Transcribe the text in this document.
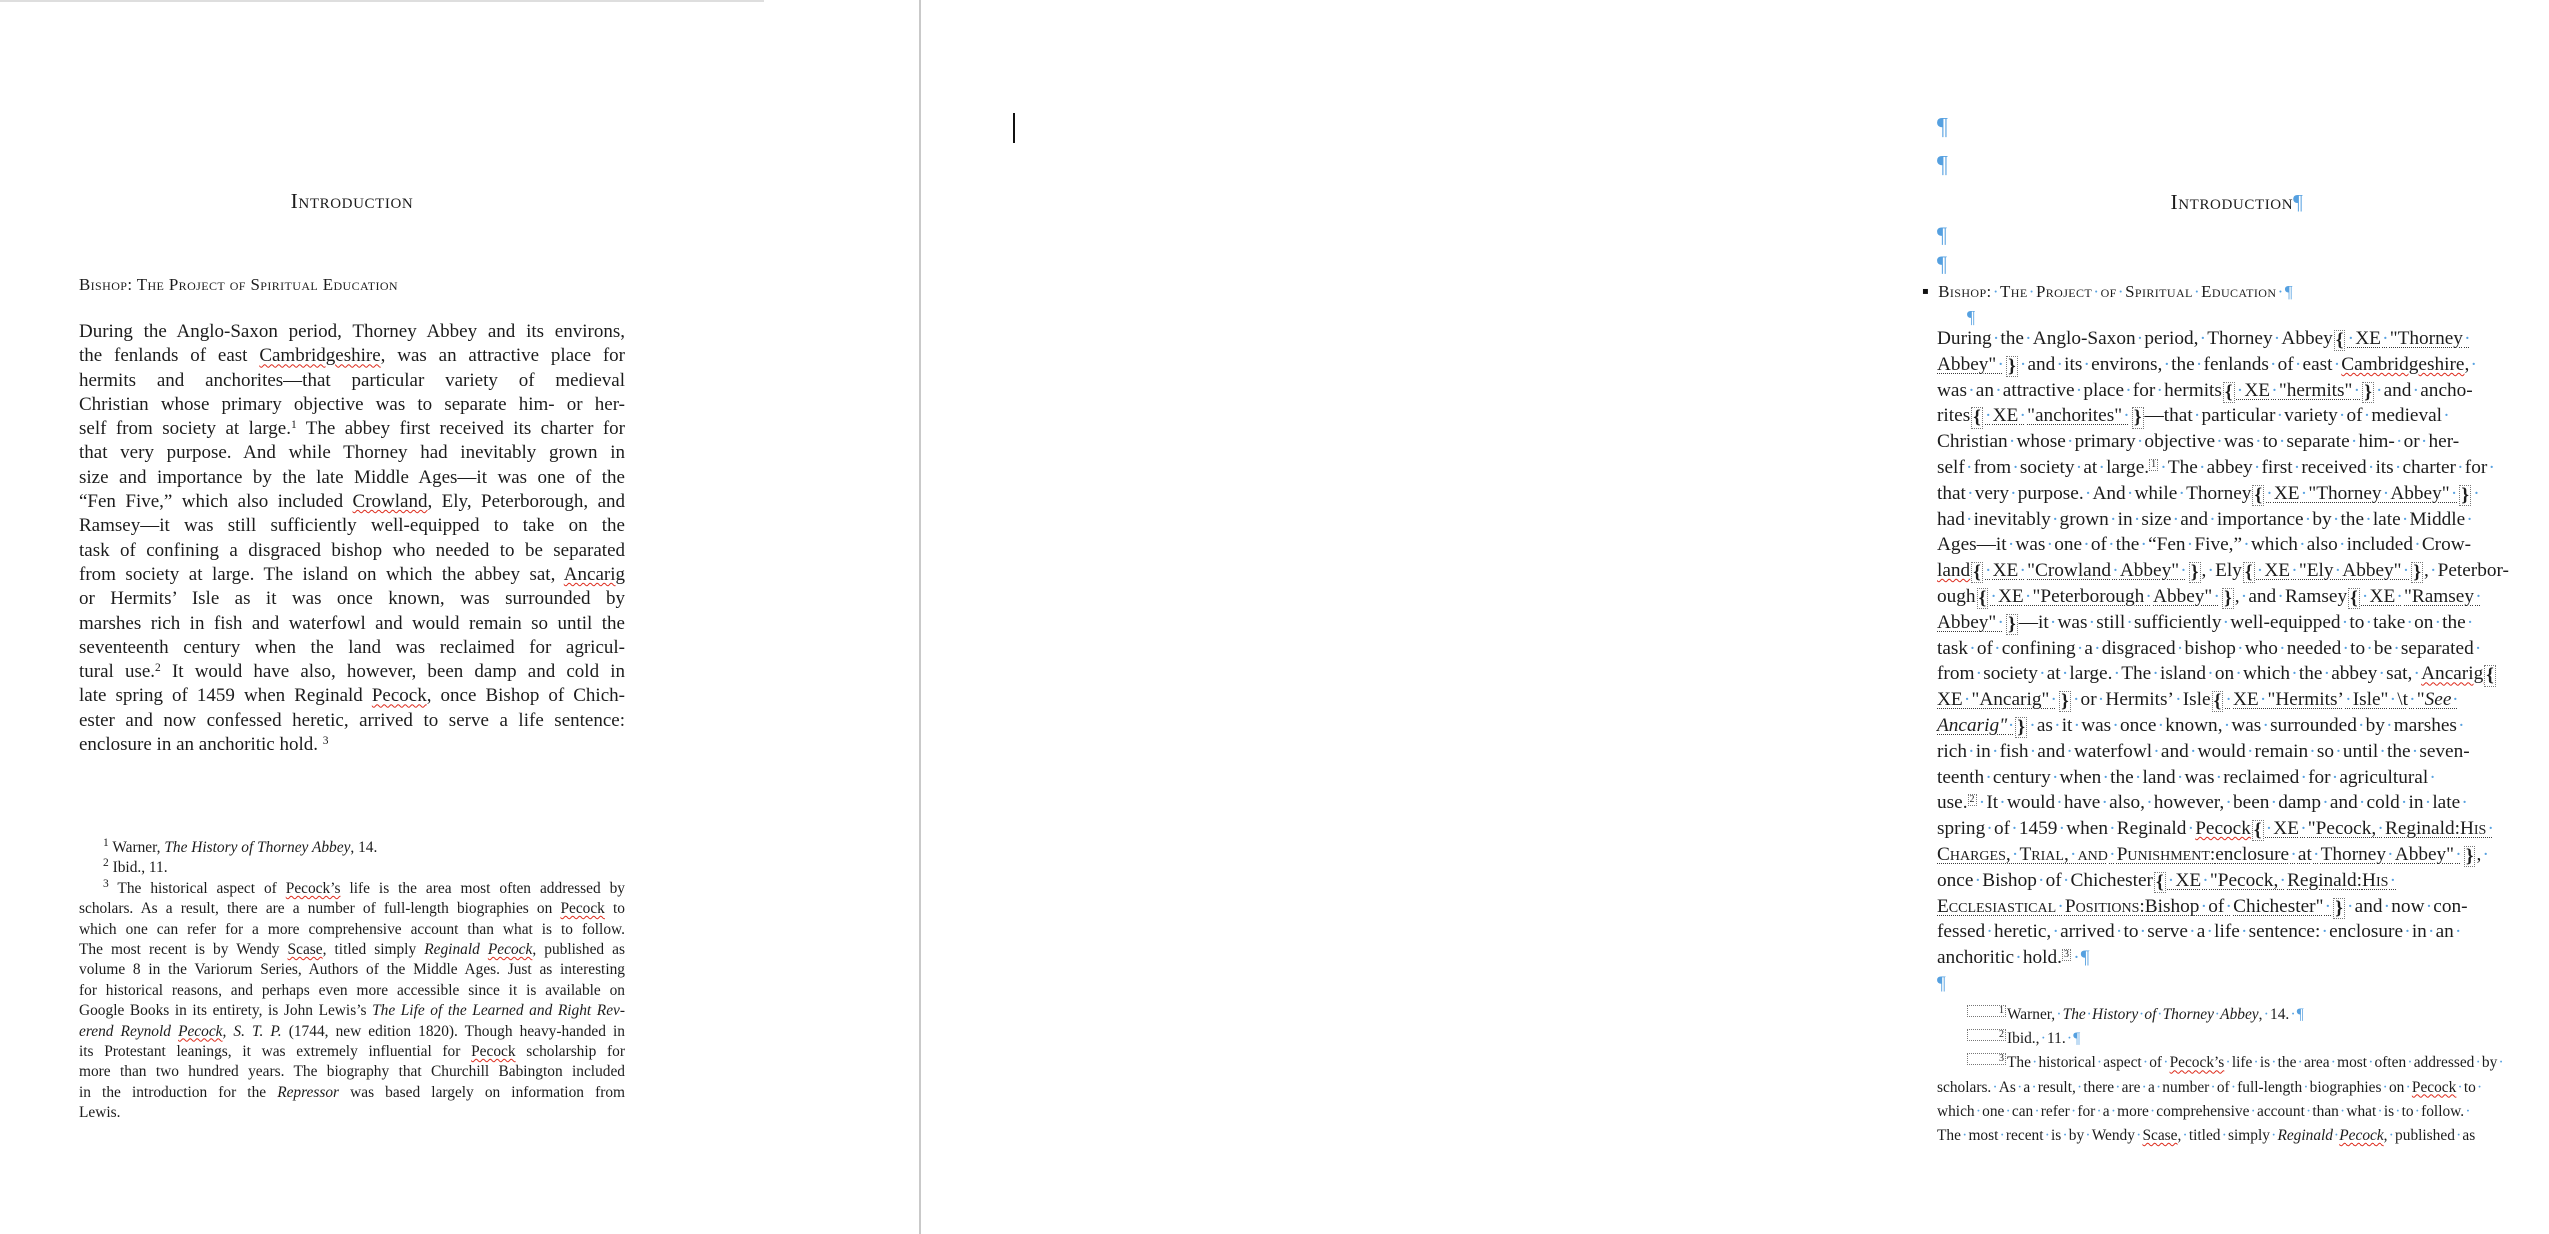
Introduction
Bishop: The Project of Spiritual Education
During the Anglo-Saxon period, Thorney Abbey and its environs,
the fenlands of east Cambridgeshire, was an attractive place for
hermits and anchorites—that particular variety of medieval
Christian whose primary objective was to separate him- or her-
self from society at large.$^1$ The abbey first received its charter for
that very purpose. And while Thorney had inevitably grown in
size and importance by the late Middle Ages—it was one of the
“Fen Five,” which also included Crowland, Ely, Peterborough, and
Ramsey—it was still sufficiently well-equipped to take on the
task of confining a disgraced bishop who needed to be separated
from society at large. The island on which the abbey sat, Ancarig
or Hermits’ Isle as it was once known, was surrounded by
marshes rich in fish and waterfowl and would remain so until the
seventeenth century when the land was reclaimed for agricul-
tural use.$^2$ It would have also, however, been damp and cold in
late spring of 1459 when Reginald Pecock, once Bishop of Chich-
ester and now confessed heretic, arrived to serve a life sentence:
enclosure in an anchoritic hold. $^3$
$^1$ Warner, The History of Thorney Abbey, 14.
$^2$ Ibid., 11.
$^3$ The historical aspect of Pecock’s life is the area most often addressed by
scholars. As a result, there are a number of full-length biographies on Pecock to
which one can refer for a more comprehensive account than what is to follow.
The most recent is by Wendy Scase, titled simply Reginald Pecock, published as
volume 8 in the Variorum Series, Authors of the Middle Ages. Just as interesting
for historical reasons, and perhaps even more accessible since it is available on
Google Books in its entirety, is John Lewis’s The Life of the Learned and Right Rev-
erend Reynold Pecock, S. T. P. (1744, new edition 1820). Though heavy-handed in
its Protestant leanings, it was extremely influential for Pecock scholarship for
more than two hundred years. The biography that Churchill Babington included
in the introduction for the Repressor was based largely on information from
Lewis.
¶
¶
Introduction¶
¶
¶
▪ Bishop:·The·Project·of·Spiritual·Education·¶
¶
During·the·Anglo-Saxon·period,·Thorney·Abbey { ·XE·"Thorney·
Abbey"· } ·and·its·environs,·the·fenlands·of·east·Cambridgeshire,·
was·an·attractive·place·for·hermits { ·XE·"hermits"· } ·and·ancho-
rites { ·XE·"anchorites"· } —that·particular·variety·of·medieval·
Christian·whose·primary·objective·was·to·separate·him-·or·her-
self·from·society·at·large. 1 ·The·abbey·first·received·its·charter·for·
that·very·purpose.·And·while·Thorney { ·XE·"Thorney·Abbey"· } ·
had·inevitably·grown·in·size·and·importance·by·the·late·Middle·
Ages—it·was·one·of·the·“Fen·Five,”·which·also·included·Crow-
land { ·XE·"Crowland·Abbey"· } ,·Ely { ·XE·"Ely·Abbey"· } ,·Peterbor-
ough { ·XE·"Peterborough·Abbey"· } ,·and·Ramsey { ·XE·"Ramsey·
Abbey"· } —it·was·still·sufficiently·well-equipped·to·take·on·the·
task·of·confining·a·disgraced·bishop·who·needed·to·be·separated·
from·society·at·large.·The·island·on·which·the·abbey·sat,·Ancarig {
XE·"Ancarig"· } ·or·Hermits’·Isle { ·XE·"Hermits’·Isle"·\t·"See·
Ancarig"· } ·as·it·was·once·known,·was·surrounded·by·marshes·
rich·in·fish·and·waterfowl·and·would·remain·so·until·the·seven-
teenth·century·when·the·land·was·reclaimed·for·agricultural·
use. 2 ·It·would·have·also,·however,·been·damp·and·cold·in·late·
spring·of·1459·when·Reginald·Pecock { ·XE·"Pecock,·Reginald:His·
Charges,·Trial,·and·Punishment:enclosure·at·Thorney·Abbey"· } ,·
once·Bishop·of·Chichester { ·XE·"Pecock,·Reginald:His·
Ecclesiastical·Positions:Bishop·of·Chichester"· } ·and·now·con-
fessed·heretic,·arrived·to·serve·a·life·sentence:·enclosure·in·an·
anchoritic·hold. 3 ·¶
¶
1 Warner,·The·History·of·Thorney·Abbey,·14.·¶
2 Ibid.,·11.·¶
3 The·historical·aspect·of·Pecock’s·life·is·the·area·most·often·addressed·by·
scholars.·As·a·result,·there·are·a·number·of·full-length·biographies·on·Pecock·to·
which·one·can·refer·for·a·more·comprehensive·account·than·what·is·to·follow.·
The·most·recent·is·by·Wendy·Scase,·titled·simply·Reginald·Pecock,·published·as
